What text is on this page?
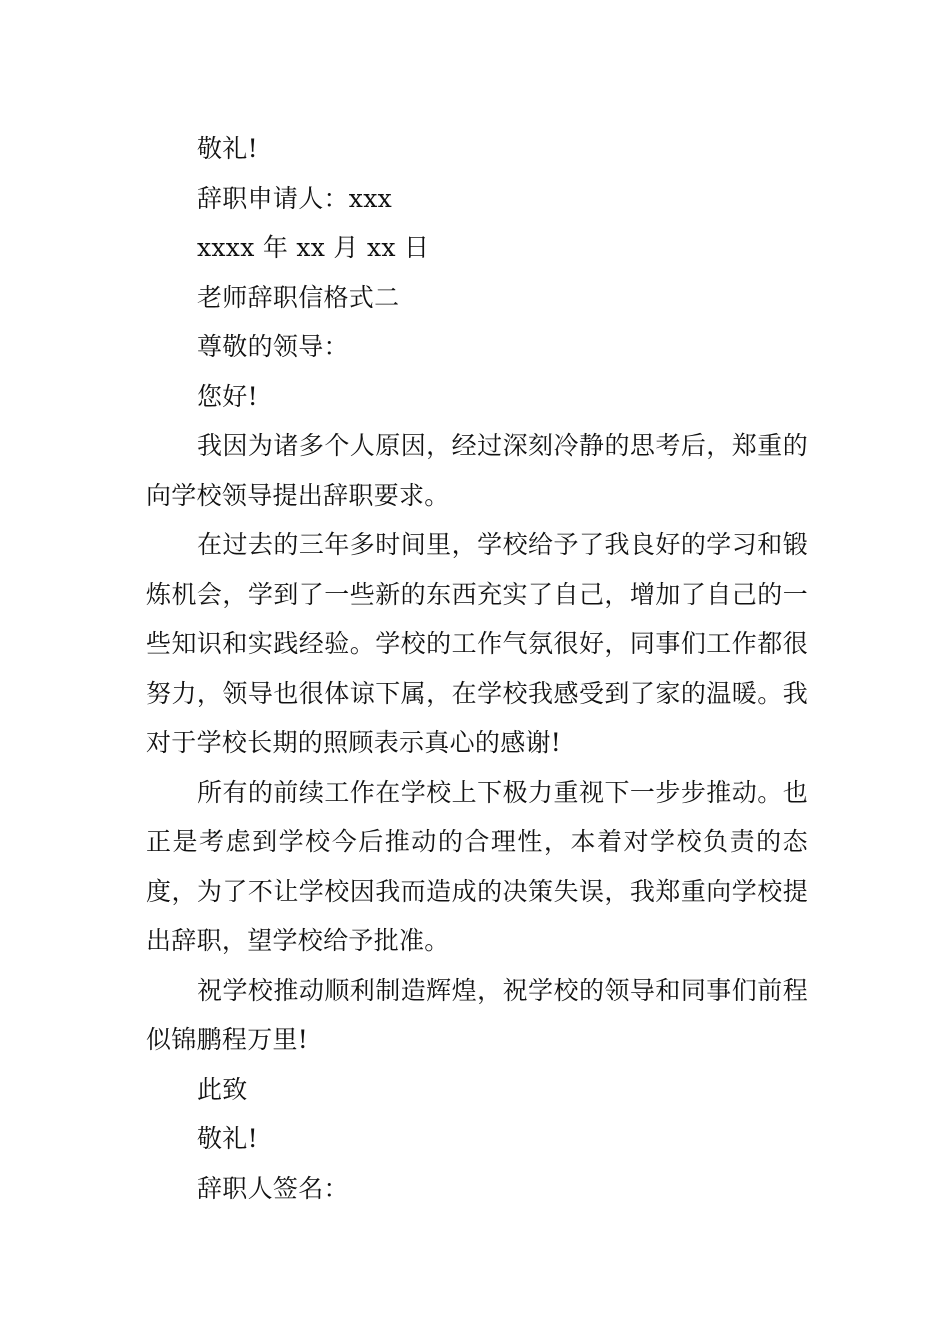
敬礼!

辞职申请人：xxx

xxxx 年 xx 月 xx 日

老师辞职信格式二

尊敬的领导：

您好!

我因为诸多个人原因，经过深刻冷静的思考后，郑重的向学校领导提出辞职要求。

在过去的三年多时间里，学校给予了我良好的学习和锻炼机会，学到了一些新的东西充实了自己，增加了自己的一些知识和实践经验。学校的工作气氛很好，同事们工作都很努力，领导也很体谅下属，在学校我感受到了家的温暖。我对于学校长期的照顾表示真心的感谢!

所有的前续工作在学校上下极力重视下一步步推动。也正是考虑到学校今后推动的合理性，本着对学校负责的态度，为了不让学校因我而造成的决策失误，我郑重向学校提出辞职，望学校给予批准。

祝学校推动顺利制造辉煌，祝学校的领导和同事们前程似锦鹏程万里!

此致

敬礼!

辞职人签名：
